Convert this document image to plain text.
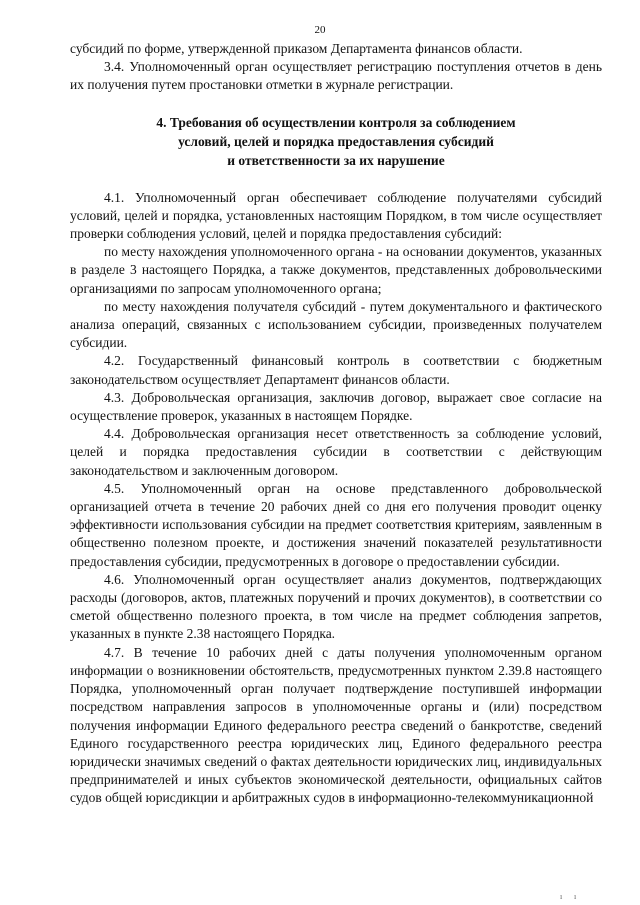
20

субсидий по форме, утвержденной приказом Департамента финансов области.

3.4. Уполномоченный орган осуществляет регистрацию поступления отчетов в день их получения путем простановки отметки в журнале регистрации.

4. Требования об осуществлении контроля за соблюдением
условий, целей и порядка предоставления субсидий
и ответственности за их нарушение

4.1. Уполномоченный орган обеспечивает соблюдение получателями субсидий условий, целей и порядка, установленных настоящим Порядком, в том числе осуществляет проверки соблюдения условий, целей и порядка предоставления субсидий:

по месту нахождения уполномоченного органа - на основании документов, указанных в разделе 3 настоящего Порядка, а также документов, представленных добровольческими организациями по запросам уполномоченного органа;

по месту нахождения получателя субсидий - путем документального и фактического анализа операций, связанных с использованием субсидии, произведенных получателем субсидии.

4.2. Государственный финансовый контроль в соответствии с бюджетным законодательством осуществляет Департамент финансов области.

4.3. Добровольческая организация, заключив договор, выражает свое согласие на осуществление проверок, указанных в настоящем Порядке.

4.4. Добровольческая организация несет ответственность за соблюдение условий, целей и порядка предоставления субсидии в соответствии с действующим законодательством и заключенным договором.

4.5. Уполномоченный орган на основе представленного добровольческой организацией отчета в течение 20 рабочих дней со дня его получения проводит оценку эффективности использования субсидии на предмет соответствия критериям, заявленным в общественно полезном проекте, и достижения значений показателей результативности предоставления субсидии, предусмотренных в договоре о предоставлении субсидии.

4.6. Уполномоченный орган осуществляет анализ документов, подтверждающих расходы (договоров, актов, платежных поручений и прочих документов), в соответствии со сметой общественно полезного проекта, в том числе на предмет соблюдения запретов, указанных в пункте 2.38 настоящего Порядка.

4.7. В течение 10 рабочих дней с даты получения уполномоченным органом информации о возникновении обстоятельств, предусмотренных пунктом 2.39.8 настоящего Порядка, уполномоченный орган получает подтверждение поступившей информации посредством направления запросов в уполномоченные органы и (или) посредством получения информации Единого федерального реестра сведений о банкротстве, сведений Единого государственного реестра юридических лиц, Единого федерального реестра юридически значимых сведений о фактах деятельности юридических лиц, индивидуальных предпринимателей и иных субъектов экономической деятельности, официальных сайтов судов общей юрисдикции и арбитражных судов в информационно-телекоммуникационной

ı ı
